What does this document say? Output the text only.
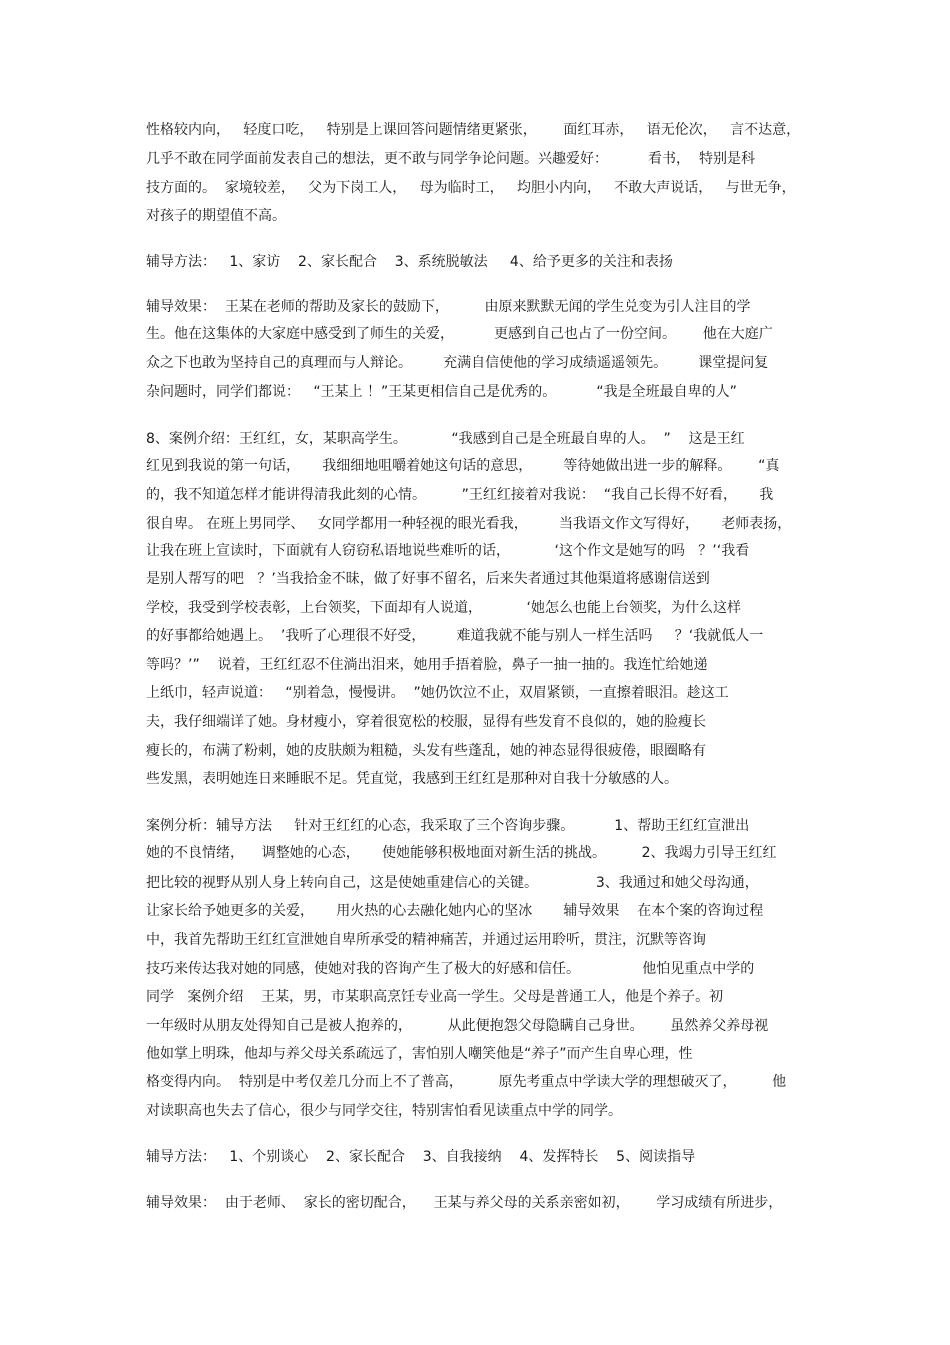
性格较内向，   轻度口吃，   特别是上课回答问题情绪更紧张，      面红耳赤，   语无伦次，   言不达意，
几乎不敢在同学面前发表自己的想法，更不敢与同学争论问题。兴趣爱好：         看书，  特别是科
技方面的。  家境较差，   父为下岗工人，   母为临时工，   均胆小内向，   不敢大声说话，   与世无争，
对孩子的期望值不高。
辅导方法：   1、家访    2、家长配合    3、系统脱敏法     4、给予更多的关注和表扬
辅导效果：  王某在老师的帮助及家长的鼓励下，        由原来默默无闻的学生兑变为引人注目的学
生。他在这集体的大家庭中感受到了师生的关爱，         更感到自己也占了一份空间。      他在大庭广
众之下也敢为坚持自己的真理而与人辩论。       充满自信使他的学习成绩遥遥领先。       课堂提问复
杂问题时，同学们都说：   “王某上 ！”王某更相信自己是优秀的。         “我是全班最自卑的人”
8、案例介绍：王红红，女，某职高学生。          “我感到自己是全班最自卑的人。  ”    这是王红
红见到我说的第一句话，     我细细地咀嚼着她这句话的意思，       等待她做出进一步的解释。      “真
的，我不知道怎样才能讲得清我此刻的心情。        ”王红红接着对我说：  “我自己长得不好看，     我
很自卑。 在班上男同学、   女同学都用一种轻视的眼光看我，       当我语文作文写得好，     老师表扬，
让我在班上宣读时，下面就有人窃窃私语地说些难听的话，          ‘这个作文是她写的吗   ？’‘我看
是别人帮写的吧   ？’当我拾金不昧，做了好事不留名，后来失者通过其他渠道将感谢信送到
学校，我受到学校表彰，上台领奖，下面却有人说道，          ‘她怎么也能上台领奖，为什么这样
的好事都给她遇上。  ’我听了心理很不好受，       难道我就不能与别人一样生活吗     ？‘我就低人一
等吗？’”    说着，王红红忍不住淌出泪来，她用手捂着脸，鼻子一抽一抽的。我连忙给她递
上纸巾，轻声说道：   “别着急，慢慢讲。  ”她仍饮泣不止，双眉紧锁，一直擦着眼泪。趁这工
夫，我仔细端详了她。身材瘦小，穿着很宽松的校服，显得有些发育不良似的，她的脸瘦长
瘦长的，布满了粉刺，她的皮肤颇为粗糙，头发有些蓬乱，她的神态显得很疲倦，眼圈略有
些发黑，表明她连日来睡眠不足。凭直觉，我感到王红红是那种对自我十分敏感的人。
案例分析：辅导方法     针对王红红的心态，我采取了三个咨询步骤。         1、帮助王红红宣泄出
她的不良情绪，    调整她的心态，     使她能够积极地面对新生活的挑战。        2、我竭力引导王红红
把比较的视野从别人身上转向自己，这是使她重建信心的关键。             3、我通过和她父母沟通，
让家长给予她更多的关爱，     用火热的心去融化她内心的坚冰       辅导效果    在本个案的咨询过程
中，我首先帮助王红红宣泄她自卑所承受的精神痛苦，并通过运用聆听，贯注，沉默等咨询
技巧来传达我对她的同感，使她对我的咨询产生了极大的好感和信任。              他怕见重点中学的
同学   案例介绍    王某，男，市某职高烹饪专业高一学生。父母是普通工人，他是个养子。初
一年级时从朋友处得知自己是被人抱养的，        从此便抱怨父母隐瞒自己身世。      虽然养父养母视
他如掌上明珠，他却与养父母关系疏远了，害怕别人嘲笑他是“养子”而产生自卑心理，性
格变得内向。  特别是中考仅差几分而上不了普高，        原先考重点中学读大学的理想破灭了，        他
对读职高也失去了信心，很少与同学交往，特别害怕看见读重点中学的同学。
辅导方法：   1、个别谈心    2、家长配合    3、自我接纳    4、发挥特长    5、阅读指导
辅导效果：  由于老师、  家长的密切配合，    王某与养父母的关系亲密如初，      学习成绩有所进步，
